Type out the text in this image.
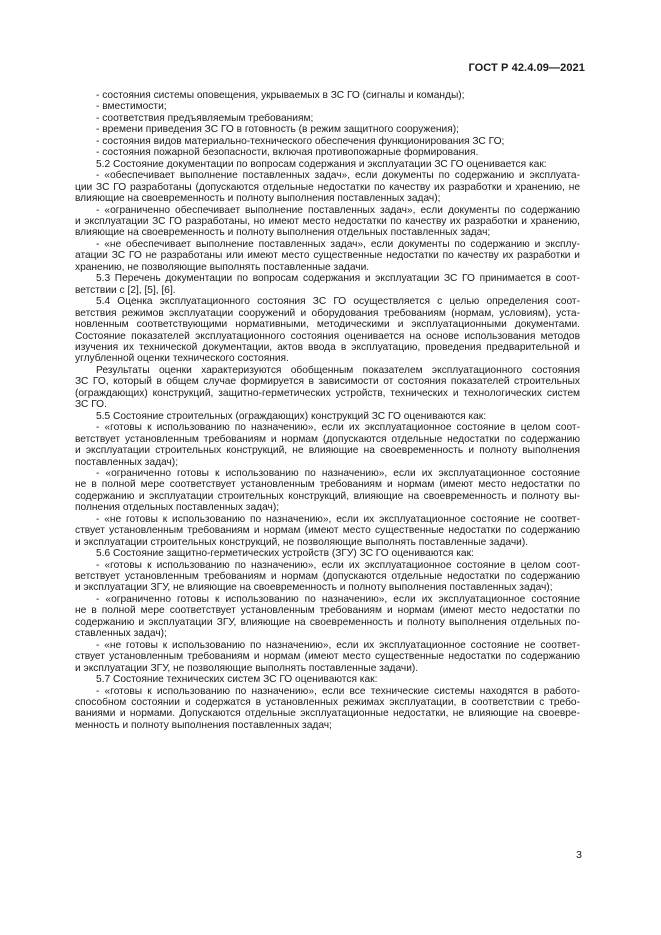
ГОСТ Р 42.4.09—2021
- состояния системы оповещения, укрываемых в ЗС ГО (сигналы и команды);
- вместимости;
- соответствия предъявляемым требованиям;
- времени приведения ЗС ГО в готовность (в режим защитного сооружения);
- состояния видов материально-технического обеспечения функционирования ЗС ГО;
- состояния пожарной безопасности, включая противопожарные формирования.
5.2 Состояние документации по вопросам содержания и эксплуатации ЗС ГО оценивается как:
- «обеспечивает выполнение поставленных задач», если документы по содержанию и эксплуата-
ции ЗС ГО разработаны (допускаются отдельные недостатки по качеству их разработки и хранению, не
влияющие на своевременность и полноту выполнения поставленных задач);
- «ограниченно обеспечивает выполнение поставленных задач», если документы по содержанию
и эксплуатации ЗС ГО разработаны, но имеют место недостатки по качеству их разработки и хранению,
влияющие на своевременность и полноту выполнения отдельных поставленных задач;
- «не обеспечивает выполнение поставленных задач», если документы по содержанию и эксплу-
атации ЗС ГО не разработаны или имеют место существенные недостатки по качеству их разработки и
хранению, не позволяющие выполнять поставленные задачи.
5.3 Перечень документации по вопросам содержания и эксплуатации ЗС ГО принимается в соот-
ветствии с [2], [5], [6].
5.4 Оценка эксплуатационного состояния ЗС ГО осуществляется с целью определения соот-
ветствия режимов эксплуатации сооружений и оборудования требованиям (нормам, условиям), уста-
новленным соответствующими нормативными, методическими и эксплуатационными документами.
Состояние показателей эксплуатационного состояния оценивается на основе использования методов
изучения их технической документации, актов ввода в эксплуатацию, проведения предварительной и
углубленной оценки технического состояния.
Результаты оценки характеризуются обобщенным показателем эксплуатационного состояния
ЗС ГО, который в общем случае формируется в зависимости от состояния показателей строительных
(ограждающих) конструкций, защитно-герметических устройств, технических и технологических систем
ЗС ГО.
5.5 Состояние строительных (ограждающих) конструкций ЗС ГО оцениваются как:
- «готовы к использованию по назначению», если их эксплуатационное состояние в целом соот-
ветствует установленным требованиям и нормам (допускаются отдельные недостатки по содержанию
и эксплуатации строительных конструкций, не влияющие на своевременность и полноту выполнения
поставленных задач);
- «ограниченно готовы к использованию по назначению», если их эксплуатационное состояние
не в полной мере соответствует установленным требованиям и нормам (имеют место недостатки по
содержанию и эксплуатации строительных конструкций, влияющие на своевременность и полноту вы-
полнения отдельных поставленных задач);
- «не готовы к использованию по назначению», если их эксплуатационное состояние не соответ-
ствует установленным требованиям и нормам (имеют место существенные недостатки по содержанию
и эксплуатации строительных конструкций, не позволяющие выполнять поставленные задачи).
5.6 Состояние защитно-герметических устройств (ЗГУ) ЗС ГО оцениваются как:
- «готовы к использованию по назначению», если их эксплуатационное состояние в целом соот-
ветствует установленным требованиям и нормам (допускаются отдельные недостатки по содержанию
и эксплуатации ЗГУ, не влияющие на своевременность и полноту выполнения поставленных задач);
- «ограниченно готовы к использованию по назначению», если их эксплуатационное состояние
не в полной мере соответствует установленным требованиям и нормам (имеют место недостатки по
содержанию и эксплуатации ЗГУ, влияющие на своевременность и полноту выполнения отдельных по-
ставленных задач);
- «не готовы к использованию по назначению», если их эксплуатационное состояние не соответ-
ствует установленным требованиям и нормам (имеют место существенные недостатки по содержанию
и эксплуатации ЗГУ, не позволяющие выполнять поставленные задачи).
5.7 Состояние технических систем ЗС ГО оцениваются как:
- «готовы к использованию по назначению», если все технические системы находятся в работо-
способном состоянии и содержатся в установленных режимах эксплуатации, в соответствии с требо-
ваниями и нормами. Допускаются отдельные эксплуатационные недостатки, не влияющие на своевре-
менность и полноту выполнения поставленных задач;
3
